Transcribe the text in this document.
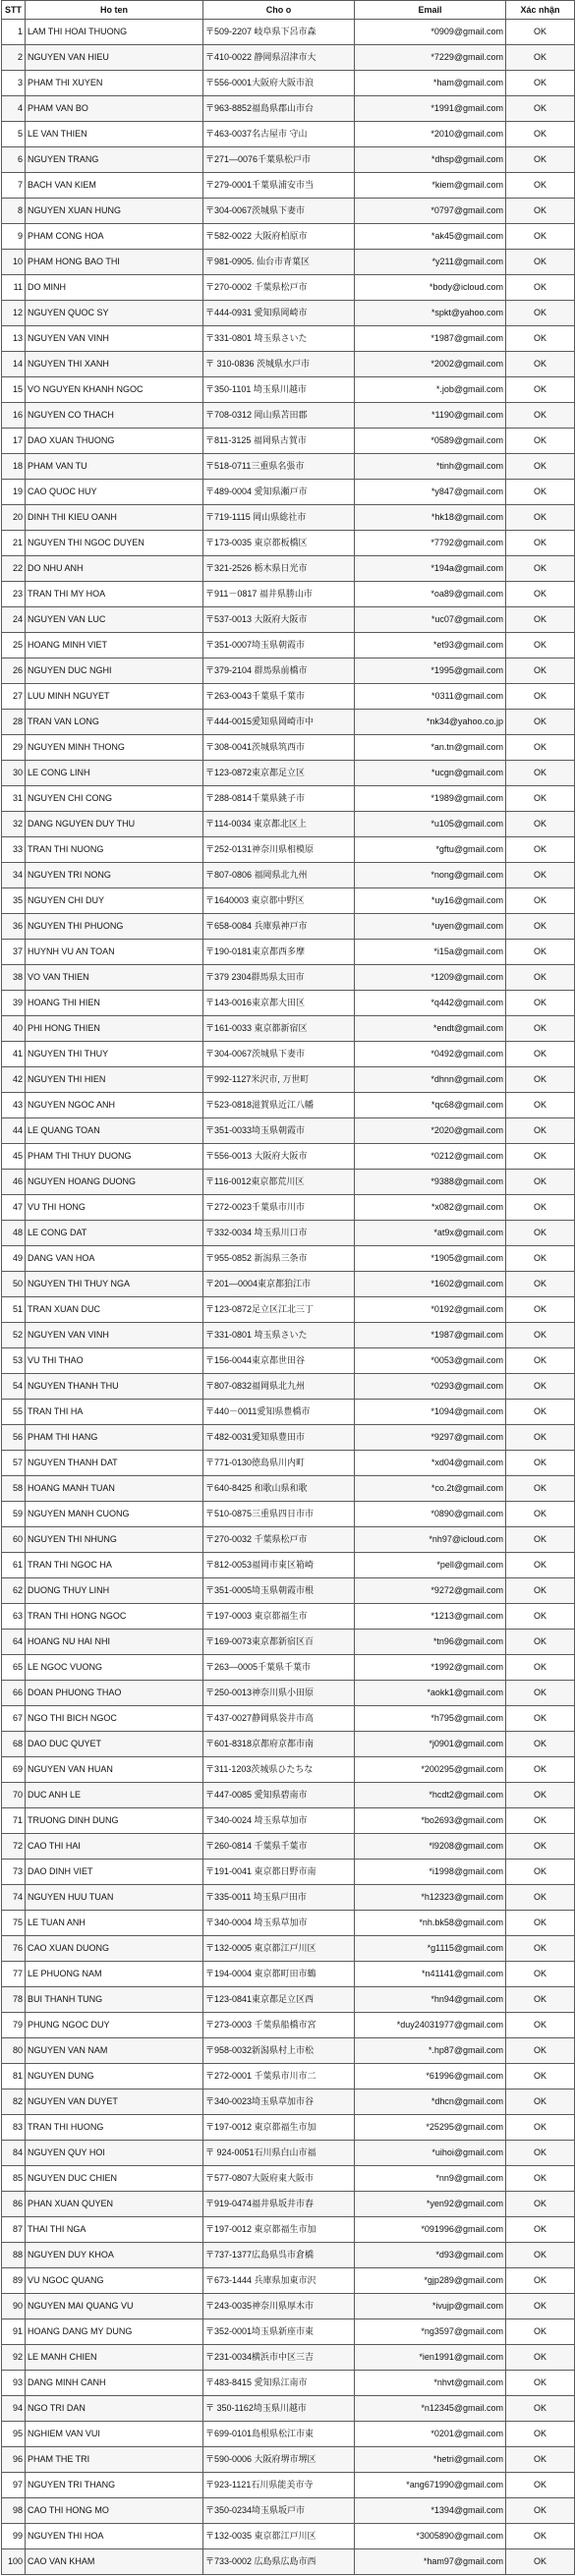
STT	Ho ten	Cho o	Email	Xác nhận
1	LAM THI HOAI THUONG	〒509-2207 岐阜県下呂市森	*0909@gmail.com	OK
2	NGUYEN VAN HIEU	〒410-0022 静岡県沼津市大	*7229@gmail.com	OK
3	PHAM THI XUYEN	〒556-0001大阪府大阪市浪	*ham@gmail.com	OK
4	PHAM VAN BO	〒963-8852福島県郡山市台	*1991@gmail.com	OK
5	LE VAN THIEN	〒463-0037名古屋市 守山	*2010@gmail.com	OK
6	NGUYEN TRANG	〒271—0076千葉県松戸市	*dhsp@gmail.com	OK
7	BACH VAN KIEM	〒279-0001千葉県浦安市当	*kiem@gmail.com	OK
8	NGUYEN XUAN HUNG	〒304-0067茨城県下妻市	*0797@gmail.com	OK
9	PHAM CONG HOA	〒582-0022 大阪府柏原市	*ak45@gmail.com	OK
10	PHAM HONG BAO THI	〒981-0905. 仙台市青葉区	*y211@gmail.com	OK
11	DO MINH	〒270-0002 千葉県松戸市	*body@icloud.com	OK
12	NGUYEN QUOC SY	〒444-0931 愛知県岡崎市	*spkt@yahoo.com	OK
13	NGUYEN VAN VINH	〒331-0801 埼玉県さいた	*1987@gmail.com	OK
14	NGUYEN THI XANH	〒 310-0836 茨城県水戸市	*2002@gmail.com	OK
15	VO NGUYEN KHANH NGOC	〒350-1101 埼玉県川越市	*.job@gmail.com	OK
16	NGUYEN CO THACH	〒708-0312 岡山県苫田郡	*1190@gmail.com	OK
17	DAO XUAN THUONG	〒811-3125 福岡県古賀市	*0589@gmail.com	OK
18	PHAM VAN TU	〒518-0711三重県名張市	*tinh@gmail.com	OK
19	CAO QUOC HUY	〒489-0004 愛知県瀬戸市	*y847@gmail.com	OK
20	DINH THI KIEU OANH	〒719-1115 岡山県総社市	*hk18@gmail.com	OK
21	NGUYEN THI NGOC DUYEN	〒173-0035 東京都板橋区	*7792@gmail.com	OK
22	DO NHU ANH	〒321-2526 栃木県日光市	*194a@gmail.com	OK
23	TRAN THI MY HOA	〒911－0817 福井県勝山市	*oa89@gmail.com	OK
24	NGUYEN VAN LUC	〒537-0013 大阪府大阪市	*uc07@gmail.com	OK
25	HOANG MINH VIET	〒351-0007埼玉県朝霞市	*et93@gmail.com	OK
26	NGUYEN DUC NGHI	〒379-2104 群馬県前橋市	*1995@gmail.com	OK
27	LUU MINH NGUYET	〒263-0043千葉県千葉市	*0311@gmail.com	OK
28	TRAN VAN LONG	〒444-0015愛知県岡崎市中	*nk34@yahoo.co.jp	OK
29	NGUYEN MINH THONG	〒308-0041茨城県筑西市	*an.tn@gmail.com	OK
30	LE CONG LINH	〒123-0872東京都足立区	*ucgn@gmail.com	OK
31	NGUYEN CHI CONG	〒288-0814千葉県銚子市	*1989@gmail.com	OK
32	DANG NGUYEN DUY THU	〒114-0034 東京都北区上	*u105@gmail.com	OK
33	TRAN THI NUONG	〒252-0131神奈川県相模原	*gftu@gmail.com	OK
34	NGUYEN TRI NONG	〒807-0806 福岡県北九州	*nong@gmail.com	OK
35	NGUYEN CHI DUY	〒1640003 東京都中野区	*uy16@gmail.com	OK
36	NGUYEN THI PHUONG	〒658-0084 兵庫県神戸市	*uyen@gmail.com	OK
37	HUYNH VU AN TOAN	〒190-0181東京都西多摩	*i15a@gmail.com	OK
38	VO VAN THIEN	〒379 2304群馬県太田市	*1209@gmail.com	OK
39	HOANG THI HIEN	〒143-0016東京都大田区	*q442@gmail.com	OK
40	PHI HONG THIEN	〒161-0033 東京都新宿区	*endt@gmail.com	OK
41	NGUYEN THI THUY	〒304-0067茨城県下妻市	*0492@gmail.com	OK
42	NGUYEN THI HIEN	〒992-1127米沢市, 万世町	*dhnn@gmail.com	OK
43	NGUYEN NGOC ANH	〒523-0818滋賀県近江八幡	*qc68@gmail.com	OK
44	LE QUANG TOAN	〒351-0033埼玉県朝霞市	*2020@gmail.com	OK
45	PHAM THI THUY DUONG	〒556-0013 大阪府大阪市	*0212@gmail.com	OK
46	NGUYEN HOANG DUONG	〒116-0012東京都荒川区	*9388@gmail.com	OK
47	VU THI HONG	〒272-0023千葉県市川市	*x082@gmail.com	OK
48	LE CONG DAT	〒332-0034 埼玉県川口市	*at9x@gmail.com	OK
49	DANG VAN HOA	〒955-0852 新潟県三条市	*1905@gmail.com	OK
50	NGUYEN THI THUY NGA	〒201—0004東京都狛江市	*1602@gmail.com	OK
51	TRAN XUAN DUC	〒123-0872足立区江北三丁	*0192@gmail.com	OK
52	NGUYEN VAN VINH	〒331-0801 埼玉県さいた	*1987@gmail.com	OK
53	VU THI THAO	〒156-0044東京都世田谷	*0053@gmail.com	OK
54	NGUYEN THANH THU	〒807-0832福岡県北九州	*0293@gmail.com	OK
55	TRAN THI HA	〒440－0011愛知県豊橋市	*1094@gmail.com	OK
56	PHAM THI HANG	〒482-0031愛知県豊田市	*9297@gmail.com	OK
57	NGUYEN THANH DAT	〒771-0130徳島県川内町	*xd04@gmail.com	OK
58	HOANG MANH TUAN	〒640-8425 和歌山県和歌	*co.2t@gmail.com	OK
59	NGUYEN MANH CUONG	〒510-0875三重県四日市市	*0890@gmail.com	OK
60	NGUYEN THI NHUNG	〒270-0032 千葉県松戸市	*nh97@icloud.com	OK
61	TRAN THI NGOC HA	〒812-0053福岡市東区箱崎	*pell@gmail.com	OK
62	DUONG THUY LINH	〒351-0005埼玉県朝霞市根	*9272@gmail.com	OK
63	TRAN THI HONG NGOC	〒197-0003 東京都福生市	*1213@gmail.com	OK
64	HOANG NU HAI NHI	〒169-0073東京都新宿区百	*tn96@gmail.com	OK
65	LE NGOC VUONG	〒263—0005千葉県千葉市	*1992@gmail.com	OK
66	DOAN PHUONG THAO	〒250-0013神奈川県小田原	*aokk1@gmail.com	OK
67	NGO THI BICH NGOC	〒437-0027静岡県袋井市高	*h795@gmail.com	OK
68	DAO DUC QUYET	〒601-8318京都府京都市南	*j0901@gmail.com	OK
69	NGUYEN VAN HUAN	〒311-1203茨城県ひたちな	*200295@gmail.com	OK
70	DUC ANH LE	〒447-0085 愛知県碧南市	*hcdt2@gmail.com	OK
71	TRUONG DINH DUNG	〒340-0024 埼玉県草加市	*bo2693@gmail.com	OK
72	CAO THI HAI	〒260-0814 千葉県千葉市	*l9208@gmail.com	OK
73	DAO DINH VIET	〒191-0041 東京都日野市南	*i1998@gmail.com	OK
74	NGUYEN HUU TUAN	〒335-0011 埼玉県戸田市	*h12323@gmail.com	OK
75	LE TUAN ANH	〒340-0004 埼玉県草加市	*nh.bk58@gmail.com	OK
76	CAO XUAN DUONG	〒132-0005 東京都江戸川区	*g1115@gmail.com	OK
77	LE PHUONG NAM	〒194-0004 東京都町田市鶴	*n41141@gmail.com	OK
78	BUI THANH TUNG	〒123-0841東京都足立区西	*hn94@gmail.com	OK
79	PHUNG NGOC DUY	〒273-0003 千葉県船橋市宮	*duy24031977@gmail.com	OK
80	NGUYEN VAN NAM	〒958-0032新潟県村上市松	*.hp87@gmail.com	OK
81	NGUYEN DUNG	〒272-0001 千葉県市川市二	*61996@gmail.com	OK
82	NGUYEN VAN DUYET	〒340-0023埼玉県草加市谷	*dhcn@gmail.com	OK
83	TRAN THI HUONG	〒197-0012 東京都福生市加	*25295@gmail.com	OK
84	NGUYEN QUY HOI	〒 924-0051石川県白山市福	*uihoi@gmail.com	OK
85	NGUYEN DUC CHIEN	〒577-0807大阪府東大阪市	*nn9@gmail.com	OK
86	PHAN XUAN QUYEN	〒919-0474福井県坂井市春	*yen92@gmail.com	OK
87	THAI THI NGA	〒197-0012 東京都福生市加	*091996@gmail.com	OK
88	NGUYEN DUY KHOA	〒737-1377広島県呉市倉橋	*d93@gmail.com	OK
89	VU NGOC QUANG	〒673-1444 兵庫県加東市沢	*gjp289@gmail.com	OK
90	NGUYEN MAI QUANG VU	〒243-0035神奈川県厚木市	*ivujp@gmail.com	OK
91	HOANG DANG MY DUNG	〒352-0001埼玉県新座市東	*ng3597@gmail.com	OK
92	LE MANH CHIEN	〒231-0034横浜市中区三吉	*ien1991@gmail.com	OK
93	DANG MINH CANH	〒483-8415 愛知県江南市	*nhvt@gmail.com	OK
94	NGO TRI DAN	〒 350-1162埼玉県川越市	*n12345@gmail.com	OK
95	NGHIEM VAN VUI	〒699-0101島根県松江市東	*0201@gmail.com	OK
96	PHAM THE TRI	〒590-0006 大阪府堺市堺区	*hetri@gmail.com	OK
97	NGUYEN TRI THANG	〒923-1121石川県能美市寺	*ang671990@gmail.com	OK
98	CAO THI HONG MO	〒350-0234埼玉県坂戸市	*1394@gmail.com	OK
99	NGUYEN THI HOA	〒132-0035 東京都江戸川区	*3005890@gmail.com	OK
100	CAO VAN KHAM	〒733-0002 広島県広島市西	*ham97@gmail.com	OK
